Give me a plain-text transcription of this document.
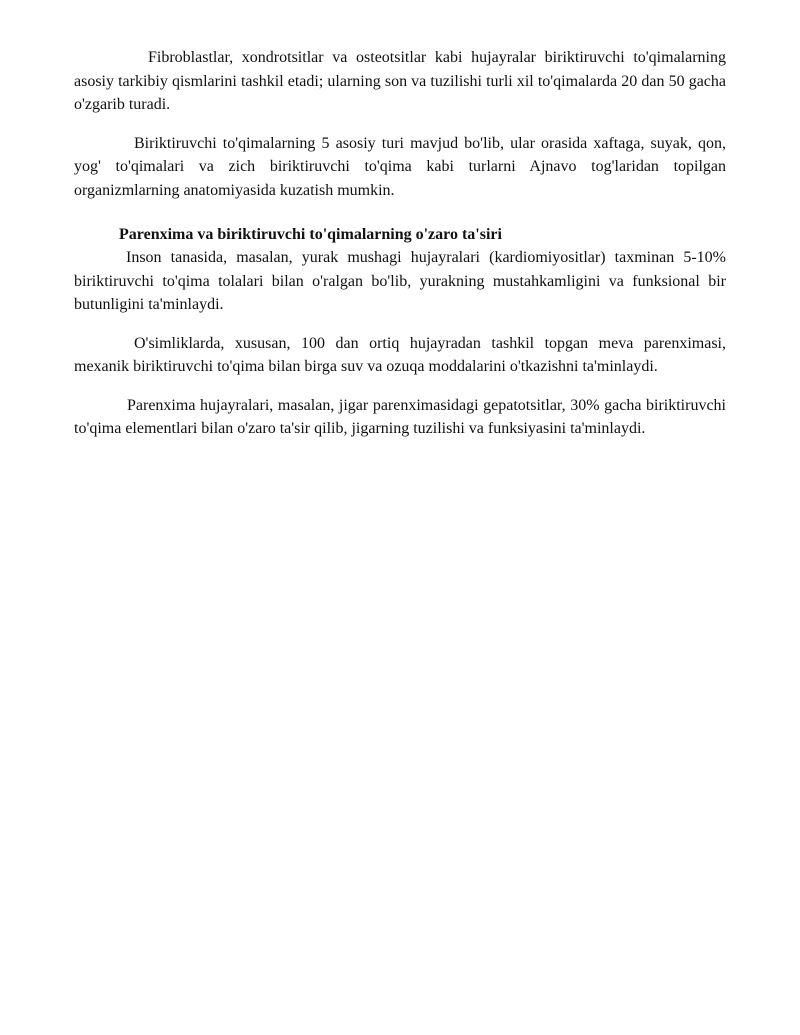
Fibroblastlar, xondrotsitlar va osteotsitlar kabi hujayralar biriktiruvchi to'qimalarning asosiy tarkibiy qismlarini tashkil etadi; ularning son va tuzilishi turli xil to'qimalarda 20 dan 50 gacha o'zgarib turadi.

Biriktiruvchi to'qimalarning 5 asosiy turi mavjud bo'lib, ular orasida xaftaga, suyak, qon, yog' to'qimalari va zich biriktiruvchi to'qima kabi turlarni Ajnavo tog'laridan topilgan organizmlarning anatomiyasida kuzatish mumkin.

Parenxima va biriktiruvchi to'qimalarning o'zaro ta'siri

Inson tanasida, masalan, yurak mushagi hujayralari (kardiomiyositlar) taxminan 5-10% biriktiruvchi to'qima tolalari bilan o'ralgan bo'lib, yurakning mustahkamligini va funksional bir butunligini ta'minlaydi.

O'simliklarda, xususan, 100 dan ortiq hujayradan tashkil topgan meva parenximasi, mexanik biriktiruvchi to'qima bilan birga suv va ozuqa moddalarini o'tkazishni ta'minlaydi.

Parenxima hujayralari, masalan, jigar parenximasidagi gepatotsitlar, 30% gacha biriktiruvchi to'qima elementlari bilan o'zaro ta'sir qilib, jigarning tuzilishi va funksiyasini ta'minlaydi.
